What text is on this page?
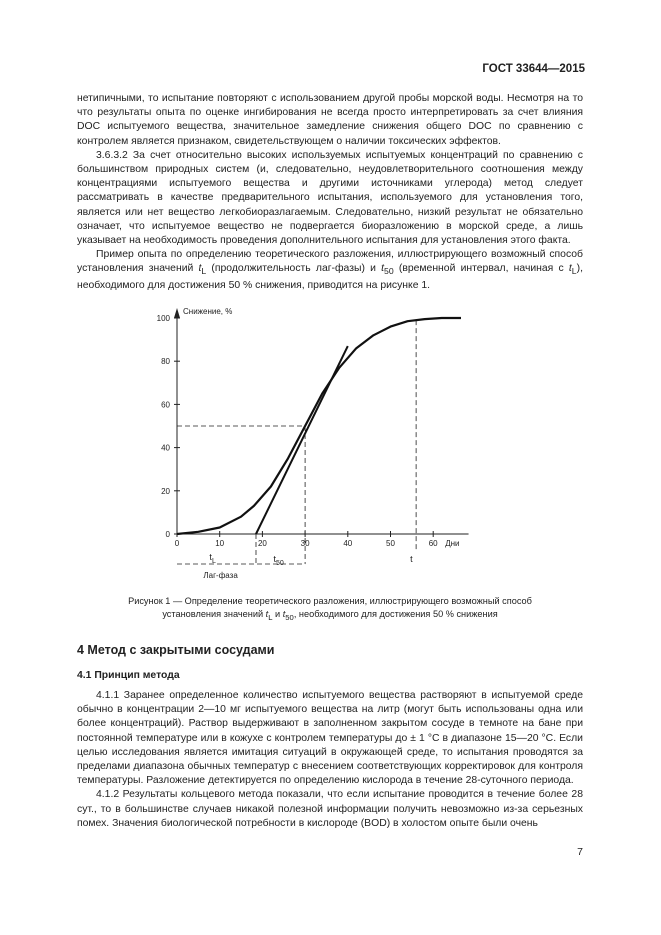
ГОСТ 33644—2015

нетипичными, то испытание повторяют с использованием другой пробы морской воды. Несмотря на то что результаты опыта по оценке ингибирования не всегда просто интерпретировать за счет влияния DOC испытуемого вещества, значительное замедление снижения общего DOC по сравнению с контролем является признаком, свидетельствующем о наличии токсических эффектов.

3.6.3.2 За счет относительно высоких используемых испытуемых концентраций по сравнению с большинством природных систем (и, следовательно, неудовлетворительного соотношения между концентрациями испытуемого вещества и другими источниками углерода) метод следует рассматривать в качестве предварительного испытания, используемого для установления того, является или нет вещество легкобиоразлагаемым. Следовательно, низкий результат не обязательно означает, что испытуемое вещество не подвергается биоразложению в морской среде, а лишь указывает на необходимость проведения дополнительного испытания для установления этого факта.

Пример опыта по определению теоретического разложения, иллюстрирующего возможный способ установления значений $t_L$ (продолжительность лаг-фазы) и $t_{50}$ (временной интервал, начиная с $t_L$), необходимого для достижения 50 % снижения, приводится на рисунке 1.

0
20
40
60
80
100
0	10	20	30	40	50	60 Дни
Снижение, %
$t_L$	$t_{50}$	t
Лаг-фаза
Рисунок 1 — Определение теоретического разложения, иллюстрирующего возможный способ
установления значений $t_L$ и $t_{50}$, необходимого для достижения 50 % снижения
4 Метод с закрытыми сосудами
4.1 Принцип метода

4.1.1 Заранее определенное количество испытуемого вещества растворяют в испытуемой среде обычно в концентрации 2—10 мг испытуемого вещества на литр (могут быть использованы одна или более концентраций). Раствор выдерживают в заполненном закрытом сосуде в темноте на бане при постоянной температуре или в кожухе с контролем температуры до ± 1 °С в диапазоне 15—20 °С. Если целью исследования является имитация ситуаций в окружающей среде, то испытания проводятся за пределами диапазона обычных температур с внесением соответствующих корректировок для контроля температуры. Разложение детектируется по определению кислорода в течение 28-суточного периода.

4.1.2 Результаты кольцевого метода показали, что если испытание проводится в течение более 28 сут., то в большинстве случаев никакой полезной информации получить невозможно из-за серьезных помех. Значения биологической потребности в кислороде (BOD) в холостом опыте были очень

7
